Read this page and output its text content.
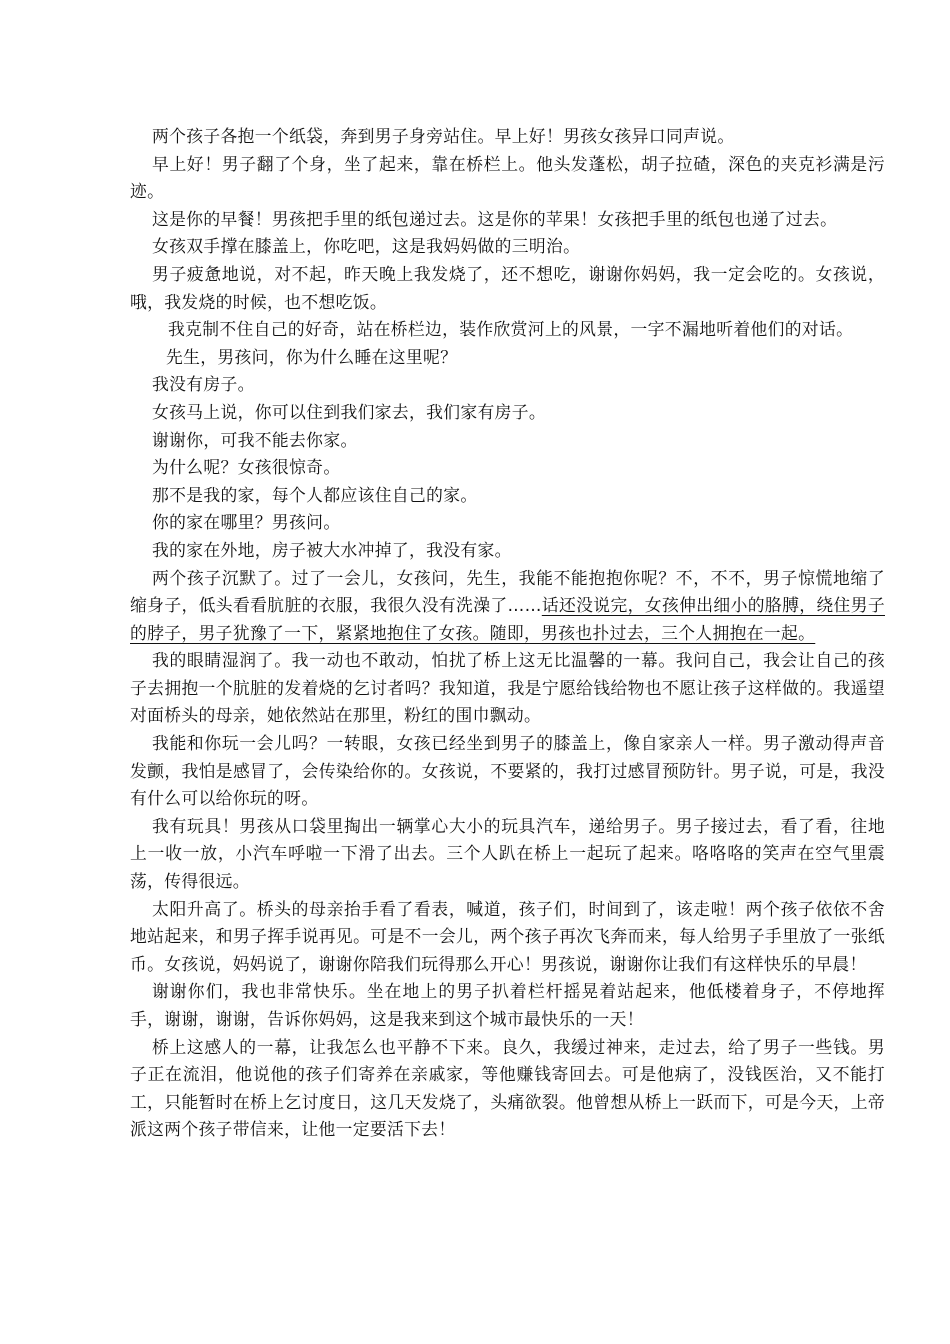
两个孩子各抱一个纸袋，奔到男子身旁站住。早上好！男孩女孩异口同声说。

早上好！男子翻了个身，坐了起来，靠在桥栏上。他头发蓬松，胡子拉碴，深色的夹克衫满是污迹。

这是你的早餐！男孩把手里的纸包递过去。这是你的苹果！女孩把手里的纸包也递了过去。

女孩双手撑在膝盖上，你吃吧，这是我妈妈做的三明治。

男子疲惫地说，对不起，昨天晚上我发烧了，还不想吃，谢谢你妈妈，我一定会吃的。女孩说，哦，我发烧的时候，也不想吃饭。

我克制不住自己的好奇，站在桥栏边，装作欣赏河上的风景，一字不漏地听着他们的对话。

先生，男孩问，你为什么睡在这里呢？

我没有房子。

女孩马上说，你可以住到我们家去，我们家有房子。

谢谢你，可我不能去你家。

为什么呢？女孩很惊奇。

那不是我的家，每个人都应该住自己的家。

你的家在哪里？男孩问。

我的家在外地，房子被大水冲掉了，我没有家。

两个孩子沉默了。过了一会儿，女孩问，先生，我能不能抱抱你呢？不，不不，男子惊慌地缩了缩身子，低头看看肮脏的衣服，我很久没有洗澡了……话还没说完，女孩伸出细小的胳膊，绕住男子的脖子，男子犹豫了一下，紧紧地抱住了女孩。随即，男孩也扑过去，三个人拥抱在一起。

我的眼睛湿润了。我一动也不敢动，怕扰了桥上这无比温馨的一幕。我问自己，我会让自己的孩子去拥抱一个肮脏的发着烧的乞讨者吗？我知道，我是宁愿给钱给物也不愿让孩子这样做的。我遥望对面桥头的母亲，她依然站在那里，粉红的围巾飘动。

我能和你玩一会儿吗？一转眼，女孩已经坐到男子的膝盖上，像自家亲人一样。男子激动得声音发颤，我怕是感冒了，会传染给你的。女孩说，不要紧的，我打过感冒预防针。男子说，可是，我没有什么可以给你玩的呀。

我有玩具！男孩从口袋里掏出一辆掌心大小的玩具汽车，递给男子。男子接过去，看了看，往地上一收一放，小汽车呼啦一下滑了出去。三个人趴在桥上一起玩了起来。咯咯咯的笑声在空气里震荡，传得很远。

太阳升高了。桥头的母亲抬手看了看表，喊道，孩子们，时间到了，该走啦！两个孩子依依不舍地站起来，和男子挥手说再见。可是不一会儿，两个孩子再次飞奔而来，每人给男子手里放了一张纸币。女孩说，妈妈说了，谢谢你陪我们玩得那么开心！男孩说，谢谢你让我们有这样快乐的早晨！

谢谢你们，我也非常快乐。坐在地上的男子扒着栏杆摇晃着站起来，他低楼着身子，不停地挥手，谢谢，谢谢，告诉你妈妈，这是我来到这个城市最快乐的一天！

桥上这感人的一幕，让我怎么也平静不下来。良久，我缓过神来，走过去，给了男子一些钱。男子正在流泪，他说他的孩子们寄养在亲戚家，等他赚钱寄回去。可是他病了，没钱医治，又不能打工，只能暂时在桥上乞讨度日，这几天发烧了，头痛欲裂。他曾想从桥上一跃而下，可是今天，上帝派这两个孩子带信来，让他一定要活下去！
